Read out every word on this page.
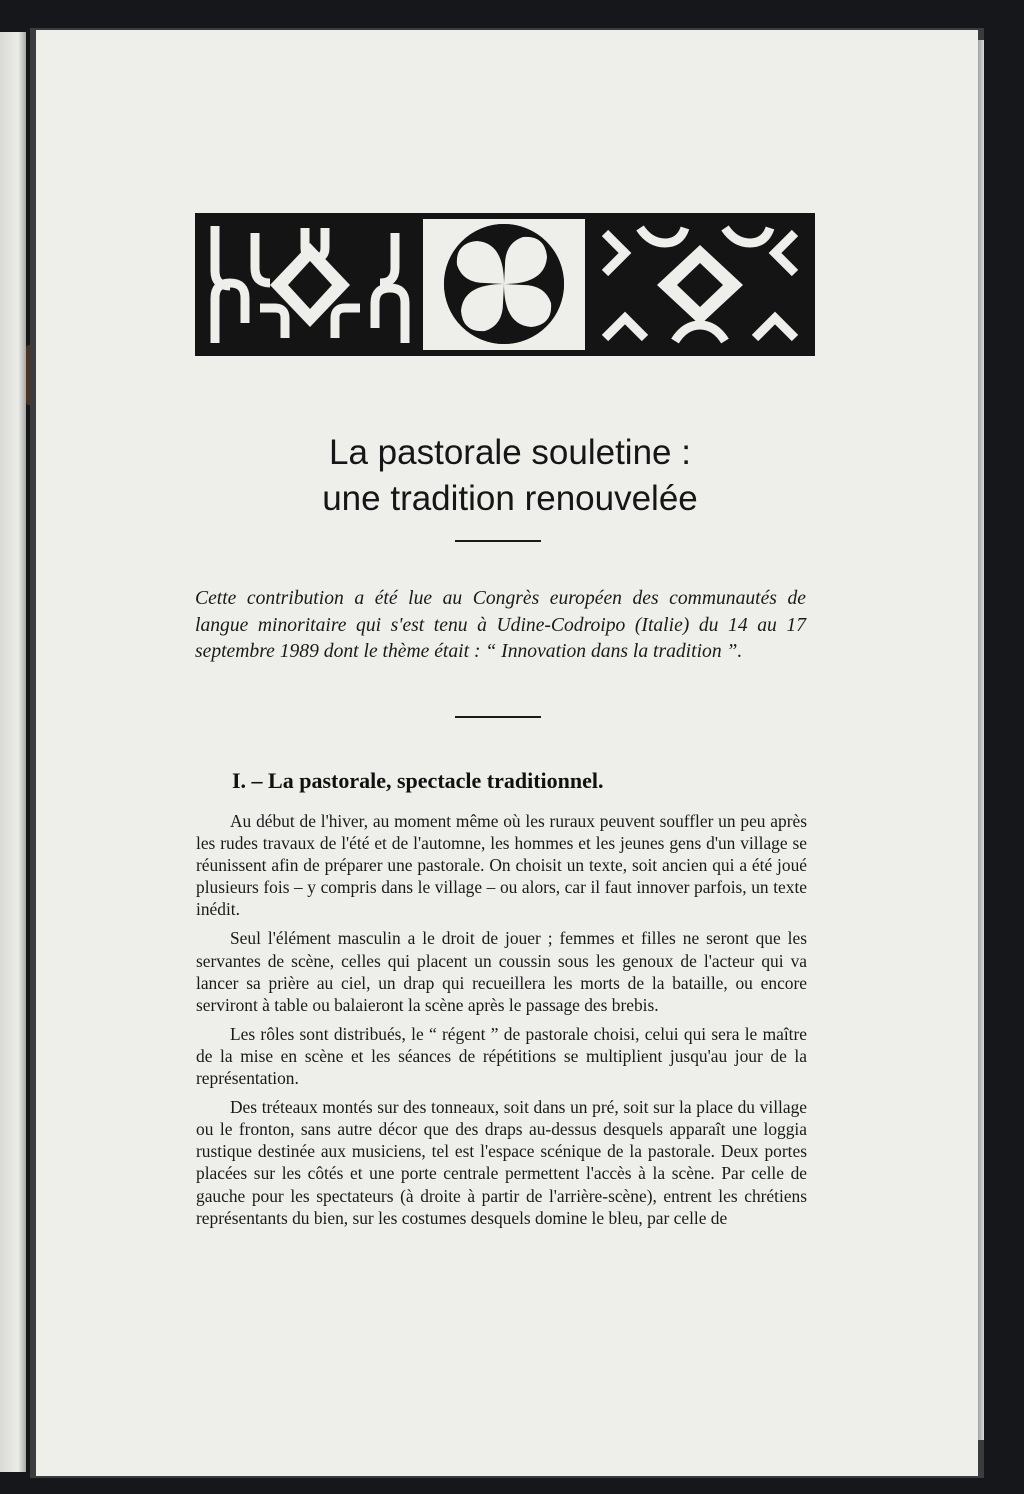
La pastorale souletine :
une tradition renouvelée

Cette contribution a été lue au Congrès européen des communautés de langue minoritaire qui s'est tenu à Udine-Codroipo (Italie) du 14 au 17 septembre 1989 dont le thème était : “ Innovation dans la tradition ”.

I. – La pastorale, spectacle traditionnel.

Au début de l'hiver, au moment même où les ruraux peuvent souffler un peu après les rudes travaux de l'été et de l'automne, les hommes et les jeunes gens d'un village se réunissent afin de préparer une pastorale. On choisit un texte, soit ancien qui a été joué plusieurs fois – y compris dans le village – ou alors, car il faut innover parfois, un texte inédit.

Seul l'élément masculin a le droit de jouer ; femmes et filles ne seront que les servantes de scène, celles qui placent un coussin sous les genoux de l'acteur qui va lancer sa prière au ciel, un drap qui recueillera les morts de la bataille, ou encore serviront à table ou balaieront la scène après le passage des brebis.

Les rôles sont distribués, le “ régent ” de pastorale choisi, celui qui sera le maître de la mise en scène et les séances de répétitions se multiplient jusqu'au jour de la représentation.

Des tréteaux montés sur des tonneaux, soit dans un pré, soit sur la place du village ou le fronton, sans autre décor que des draps au-dessus desquels apparaît une loggia rustique destinée aux musiciens, tel est l'espace scénique de la pastorale. Deux portes placées sur les côtés et une porte centrale permettent l'accès à la scène. Par celle de gauche pour les spectateurs (à droite à partir de l'arrière-scène), entrent les chrétiens représentants du bien, sur les costumes desquels domine le bleu, par celle de
